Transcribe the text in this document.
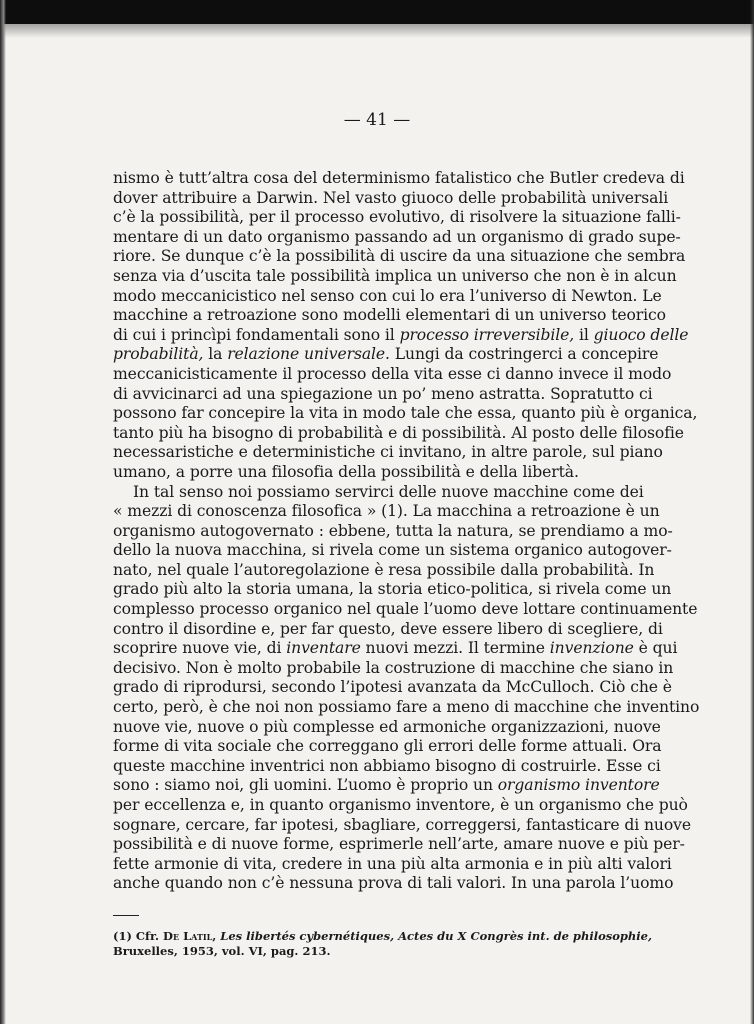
— 41 —
nismo è tutt’altra cosa del determinismo fatalistico che Butler credeva di
dover attribuire a Darwin. Nel vasto giuoco delle probabilità universali
c’è la possibilità, per il processo evolutivo, di risolvere la situazione falli-
mentare di un dato organismo passando ad un organismo di grado supe-
riore. Se dunque c’è la possibilità di uscire da una situazione che sembra
senza via d’uscita tale possibilità implica un universo che non è in alcun
modo meccanicistico nel senso con cui lo era l’universo di Newton. Le
macchine a retroazione sono modelli elementari di un universo teorico
di cui i princìpi fondamentali sono il processo irreversibile, il giuoco delle
probabilità, la relazione universale. Lungi da costringerci a concepire
meccanicisticamente il processo della vita esse ci danno invece il modo
di avvicinarci ad una spiegazione un po’ meno astratta. Sopratutto ci
possono far concepire la vita in modo tale che essa, quanto più è organica,
tanto più ha bisogno di probabilità e di possibilità. Al posto delle filosofie
necessaristiche e deterministiche ci invitano, in altre parole, sul piano
umano, a porre una filosofia della possibilità e della libertà.
In tal senso noi possiamo servirci delle nuove macchine come dei
« mezzi di conoscenza filosofica » (1). La macchina a retroazione è un
organismo autogovernato : ebbene, tutta la natura, se prendiamo a mo-
dello la nuova macchina, si rivela come un sistema organico autogover-
nato, nel quale l’autoregolazione è resa possibile dalla probabilità. In
grado più alto la storia umana, la storia etico-politica, si rivela come un
complesso processo organico nel quale l’uomo deve lottare continuamente
contro il disordine e, per far questo, deve essere libero di scegliere, di
scoprire nuove vie, di inventare nuovi mezzi. Il termine invenzione è qui
decisivo. Non è molto probabile la costruzione di macchine che siano in
grado di riprodursi, secondo l’ipotesi avanzata da McCulloch. Ciò che è
certo, però, è che noi non possiamo fare a meno di macchine che inventino
nuove vie, nuove o più complesse ed armoniche organizzazioni, nuove
forme di vita sociale che correggano gli errori delle forme attuali. Ora
queste macchine inventrici non abbiamo bisogno di costruirle. Esse ci
sono : siamo noi, gli uomini. L’uomo è proprio un organismo inventore
per eccellenza e, in quanto organismo inventore, è un organismo che può
sognare, cercare, far ipotesi, sbagliare, correggersi, fantasticare di nuove
possibilità e di nuove forme, esprimerle nell’arte, amare nuove e più per-
fette armonie di vita, credere in una più alta armonia e in più alti valori
anche quando non c’è nessuna prova di tali valori. In una parola l’uomo
(1) Cfr. De Latil, Les libertés cybernétiques, Actes du X Congrès int. de philosophie,
Bruxelles, 1953, vol. VI, pag. 213.
